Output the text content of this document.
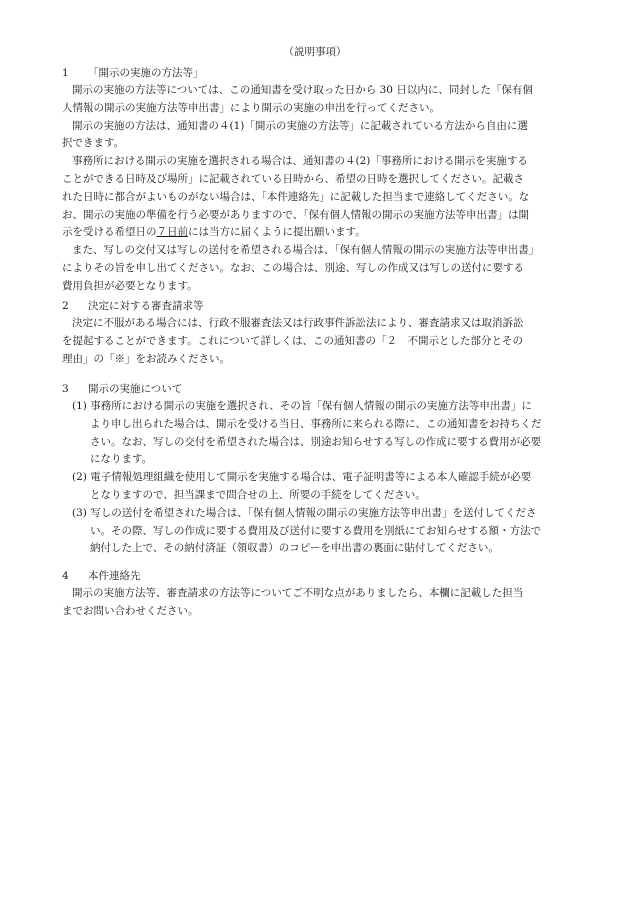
（説明事項）
1 「開示の実施の方法等」
開示の実施の方法等については、この通知書を受け取った日から 30 日以内に、同封した「保有個
人情報の開示の実施方法等申出書」により開示の実施の申出を行ってください。
開示の実施の方法は、通知書の４(1)「開示の実施の方法等」に記載されている方法から自由に選
択できます。
事務所における開示の実施を選択される場合は、通知書の４(2)「事務所における開示を実施する
ことができる日時及び場所」に記載されている日時から、希望の日時を選択してください。記載さ
れた日時に都合がよいものがない場合は、「本件連絡先」に記載した担当まで連絡してください。な
お、開示の実施の準備を行う必要がありますので、「保有個人情報の開示の実施方法等申出書」は開
示を受ける希望日の７日前には当方に届くように提出願います。
また、写しの交付又は写しの送付を希望される場合は、「保有個人情報の開示の実施方法等申出書」
によりその旨を申し出てください。なお、この場合は、別途、写しの作成又は写しの送付に要する
費用負担が必要となります。
2 決定に対する審査請求等
決定に不服がある場合には、行政不服審査法又は行政事件訴訟法により、審査請求又は取消訴訟
を提起することができます。これについて詳しくは、この通知書の「２　不開示とした部分とその
理由」の「※」をお読みください。
3 開示の実施について
(1) 事務所における開示の実施を選択され、その旨「保有個人情報の開示の実施方法等申出書」に
より申し出られた場合は、開示を受ける当日、事務所に来られる際に、この通知書をお持ちくだ
さい。なお、写しの交付を希望された場合は、別途お知らせする写しの作成に要する費用が必要
になります。
(2) 電子情報処理組織を使用して開示を実施する場合は、電子証明書等による本人確認手続が必要
となりますので、担当課まで問合せの上、所要の手続をしてください。
(3) 写しの送付を希望された場合は、「保有個人情報の開示の実施方法等申出書」を送付してくださ
い。その際、写しの作成に要する費用及び送付に要する費用を別紙にてお知らせする額・方法で
納付した上で、その納付済証（領収書）のコピーを申出書の裏面に貼付してください。
4 本件連絡先
開示の実施方法等、審査請求の方法等についてご不明な点がありましたら、本欄に記載した担当
までお問い合わせください。
